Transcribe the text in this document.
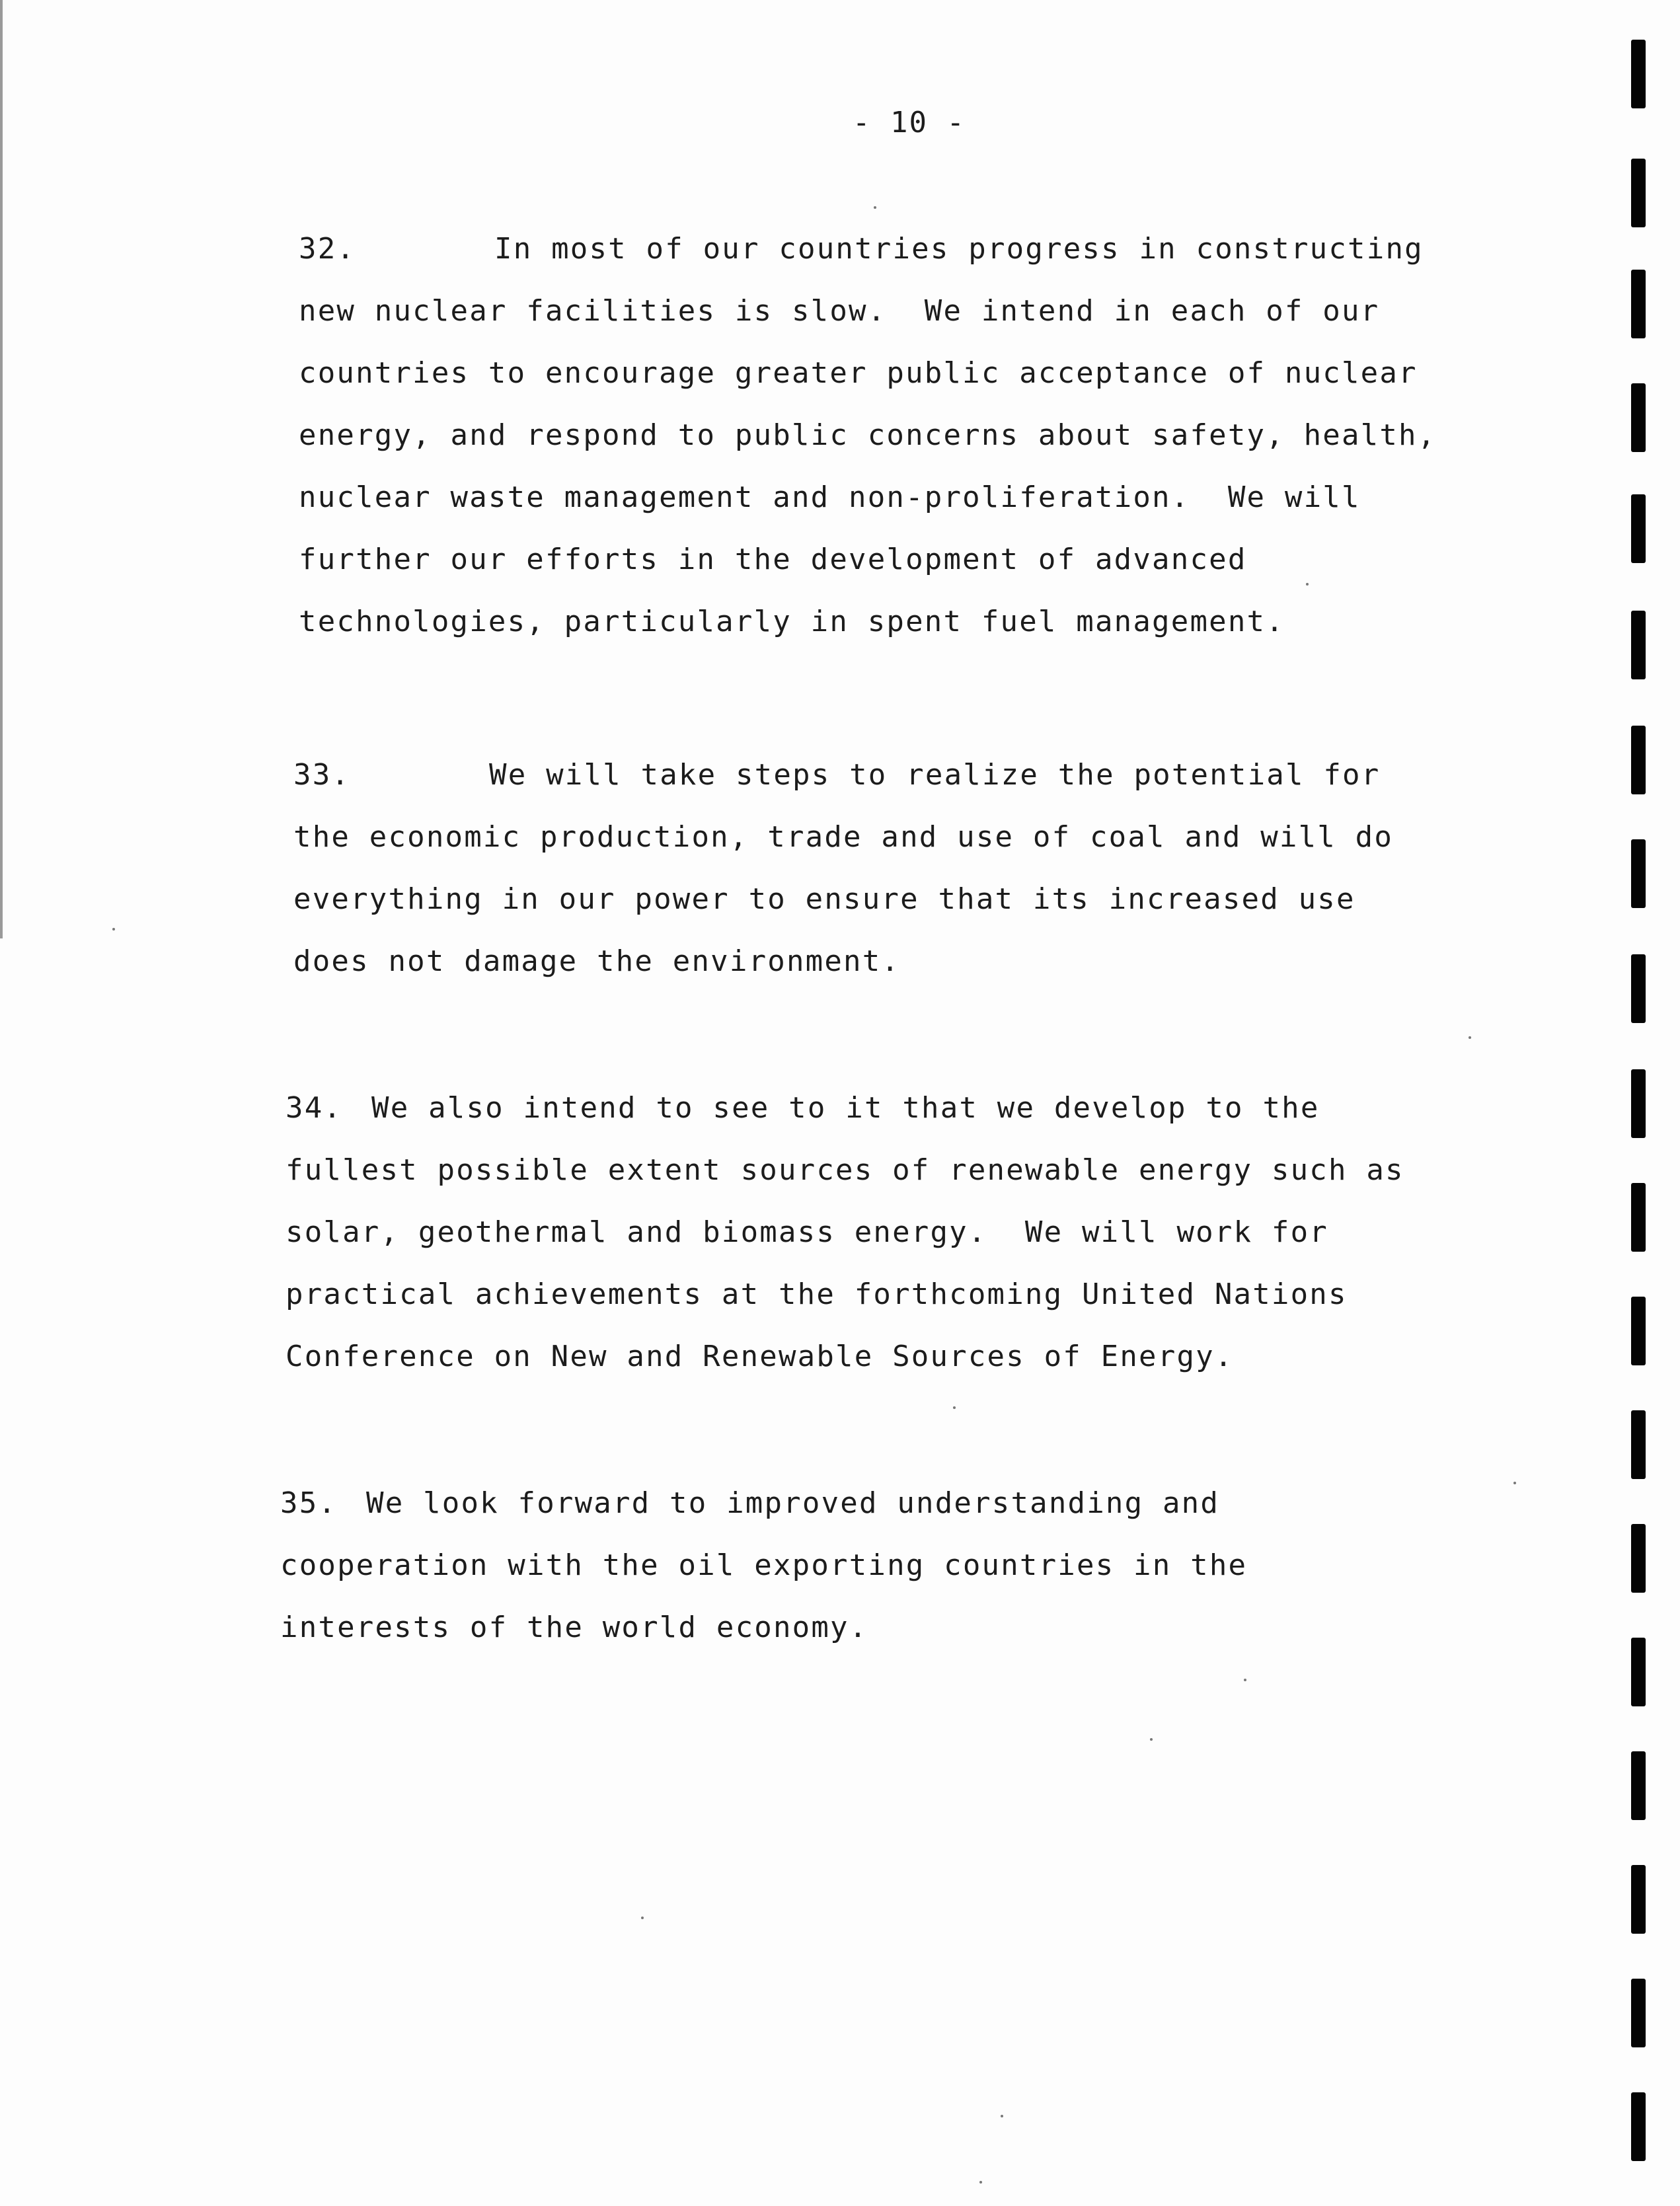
- 10 -
32.	In most of our countries progress in constructing
new nuclear facilities is slow.  We intend in each of our
countries to encourage greater public acceptance of nuclear
energy, and respond to public concerns about safety, health,
nuclear waste management and non-proliferation.  We will
further our efforts in the development of advanced
technologies, particularly in spent fuel management.
33.	We will take steps to realize the potential for
the economic production, trade and use of coal and will do
everything in our power to ensure that its increased use
does not damage the environment.
34. We also intend to see to it that we develop to the
fullest possible extent sources of renewable energy such as
solar, geothermal and biomass energy.  We will work for
practical achievements at the forthcoming United Nations
Conference on New and Renewable Sources of Energy.
35. We look forward to improved understanding and
cooperation with the oil exporting countries in the
interests of the world economy.
